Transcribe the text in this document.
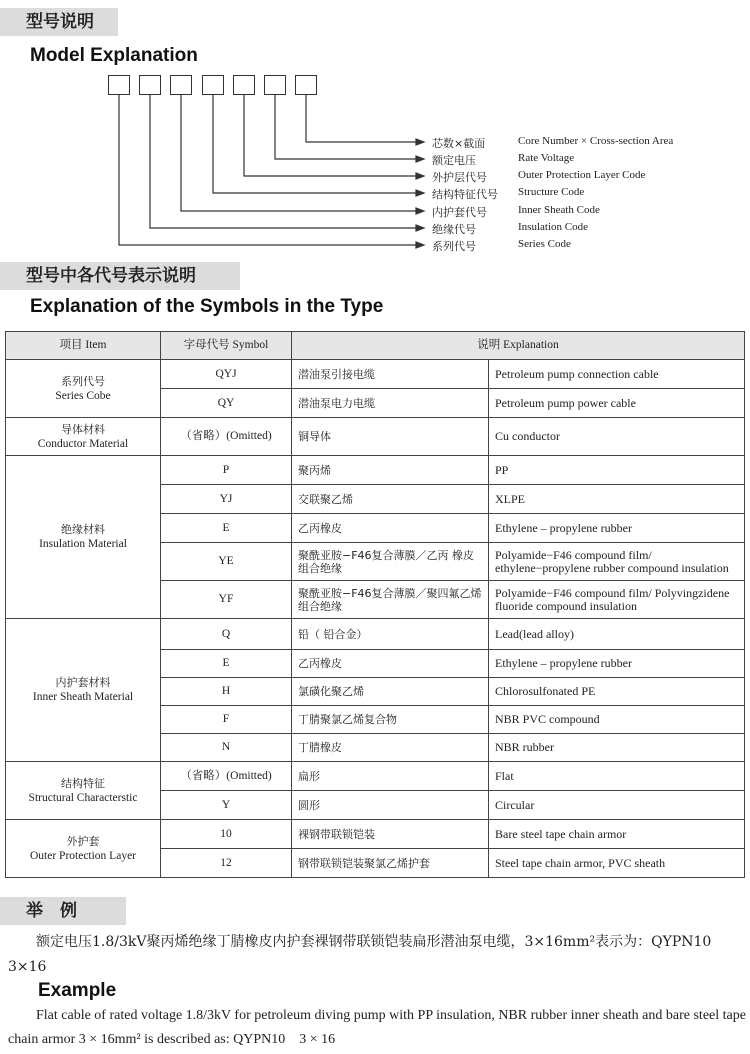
型号说明
Model Explanation
芯数×截面	Core Number × Cross-section Area
额定电压	Rate Voltage
外护层代号	Outer Protection Layer Code
结构特征代号 Structure Code
内护套代号	Inner Sheath Code
绝缘代号	Insulation Code
系列代号	Series Code
型号中各代号表示说明
Explanation of the Symbols in the Type
项目 Item	字母代号 Symbol	说明 Explanation	

系列代号
Series Cobe	QYJ	潜油泵引接电缆	Petroleum pump connection cable
	QY	潜油泵电力电缆	Petroleum pump power cable

导体材料
Conductor Material	（省略）(Omitted)	铜导体	Cu conductor

绝缘材料
Insulation Material	P	聚丙烯	PP
	YJ	交联聚乙烯	XLPE
	E	乙丙橡皮	Ethylene – propylene rubber
	YE	聚酰亚胺−F46复合薄膜／乙丙 橡皮组合绝缘	Polyamide−F46 compound film/ ethylene−propylene rubber compound insulation
	YF	聚酰亚胺−F46复合薄膜／聚四氟乙烯组合绝缘	Polyamide−F46 compound film/ Polyvingzidene fluoride compound insulation

内护套材料
Inner Sheath Material	Q	铅（ 铅合金）	Lead(lead alloy)
	E	乙丙橡皮	Ethylene – propylene rubber
	H	氯磺化聚乙烯	Chlorosulfonated PE
	F	丁腈聚氯乙烯复合物	NBR PVC compound
	N	丁腈橡皮	NBR rubber

结构特征
Structural Characterstic	（省略）(Omitted)	扁形	Flat
	Y	圆形	Circular

外护套
Outer Protection Layer	10	裸钢带联锁铠装	Bare steel tape chain armor
	12	钢带联锁铠装聚氯乙烯护套	Steel tape chain armor, PVC sheath
举　例
额定电压1.8/3kV聚丙烯绝缘丁腈橡皮内护套裸钢带联锁铠装扁形潜油泵电缆，3×16mm²表示为：QYPN10　3×16
Example
Flat cable of rated voltage 1.8/3kV for petroleum diving pump with PP insulation, NBR rubber inner sheath and bare steel tape chain armor 3 × 16mm² is described as: QYPN10　3 × 16
